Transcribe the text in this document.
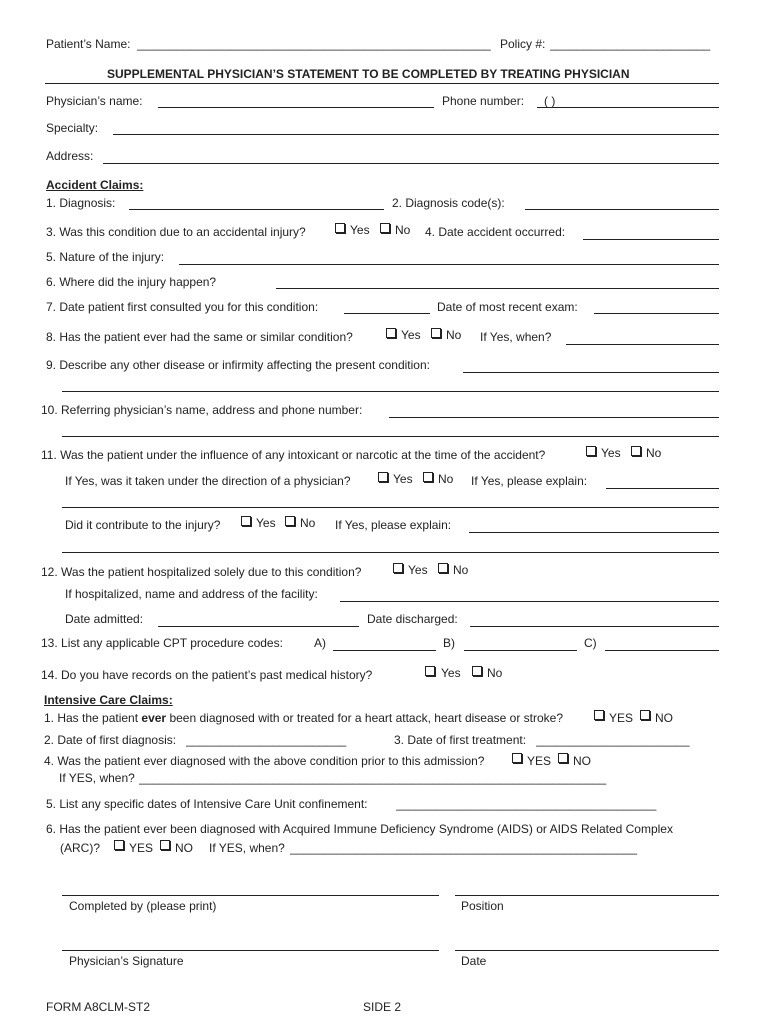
Patient’s Name: _____________________________________________________ Policy #: ________________________
SUPPLEMENTAL PHYSICIAN’S STATEMENT TO BE COMPLETED BY TREATING PHYSICIAN
Physician’s name:	Phone number: ( )
Specialty:
Address:
Accident Claims:
1. Diagnosis:	2. Diagnosis code(s):
3. Was this condition due to an accidental injury?	Yes No 4. Date accident occurred:
5. Nature of the injury:
6. Where did the injury happen?
7. Date patient first consulted you for this condition:	Date of most recent exam:
8. Has the patient ever had the same or similar condition?	Yes No If Yes, when?
9. Describe any other disease or infirmity affecting the present condition:
10. Referring physician’s name, address and phone number:
11. Was the patient under the influence of any intoxicant or narcotic at the time of the accident?	Yes No
If Yes, was it taken under the direction of a physician?	Yes No If Yes, please explain:
Did it contribute to the injury?	Yes No If Yes, please explain:
12. Was the patient hospitalized solely due to this condition?	Yes No
If hospitalized, name and address of the facility:
Date admitted:	Date discharged:
13. List any applicable CPT procedure codes:	A)	B)	C)
14. Do you have records on the patient’s past medical history?	Yes No
Intensive Care Claims:
1. Has the patient ever been diagnosed with or treated for a heart attack, heart disease or stroke?	YES NO
2. Date of first diagnosis: ________________________	3. Date of first treatment: _______________________
4. Was the patient ever diagnosed with the above condition prior to this admission?	YES NO
If YES, when? ______________________________________________________________________
5. List any specific dates of Intensive Care Unit confinement: _______________________________________
6. Has the patient ever been diagnosed with Acquired Immune Deficiency Syndrome (AIDS) or AIDS Related Complex
(ARC)? YES NO If YES, when? ____________________________________________________
Completed by (please print)	Position
Physician’s Signature	Date
FORM A8CLM-ST2	SIDE 2
